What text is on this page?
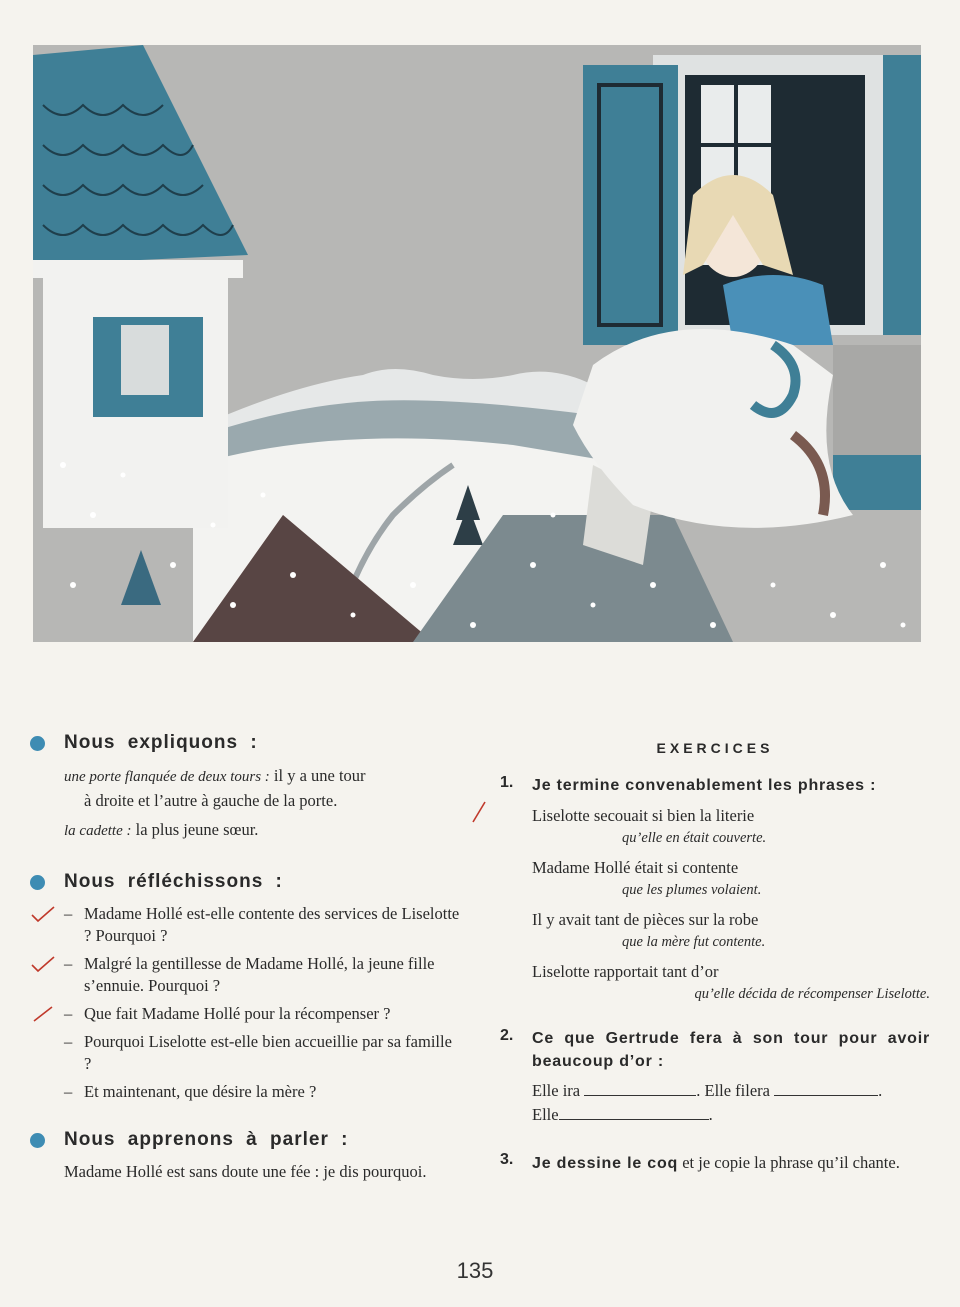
Nous expliquons :
une porte flanquée de deux tours : il y a une tour
à droite et l’autre à gauche de la porte.
la cadette : la plus jeune sœur.
Nous réfléchissons :
– Madame Hollé est-elle contente des services de Liselotte ? Pourquoi ?
– Malgré la gentillesse de Madame Hollé, la jeune fille s’ennuie. Pourquoi ?
– Que fait Madame Hollé pour la récompenser ?
– Pourquoi Liselotte est-elle bien accueillie par sa famille ?
– Et maintenant, que désire la mère ?
Nous apprenons à parler :

Madame Hollé est sans doute une fée : je dis pourquoi.

EXERCICES
1. Je termine convenablement les phrases :
Liselotte secouait si bien la literie
qu’elle en était couverte.
Madame Hollé était si contente
que les plumes volaient.
Il y avait tant de pièces sur la robe
que la mère fut contente.
Liselotte rapportait tant d’or
qu’elle décida de récompenser Liselotte.
2. Ce que Gertrude fera à son tour pour avoir beaucoup d’or :
Elle ira	. Elle filera	.
Elle	.
3. Je dessine le coq et je copie la phrase qu’il chante.
135
